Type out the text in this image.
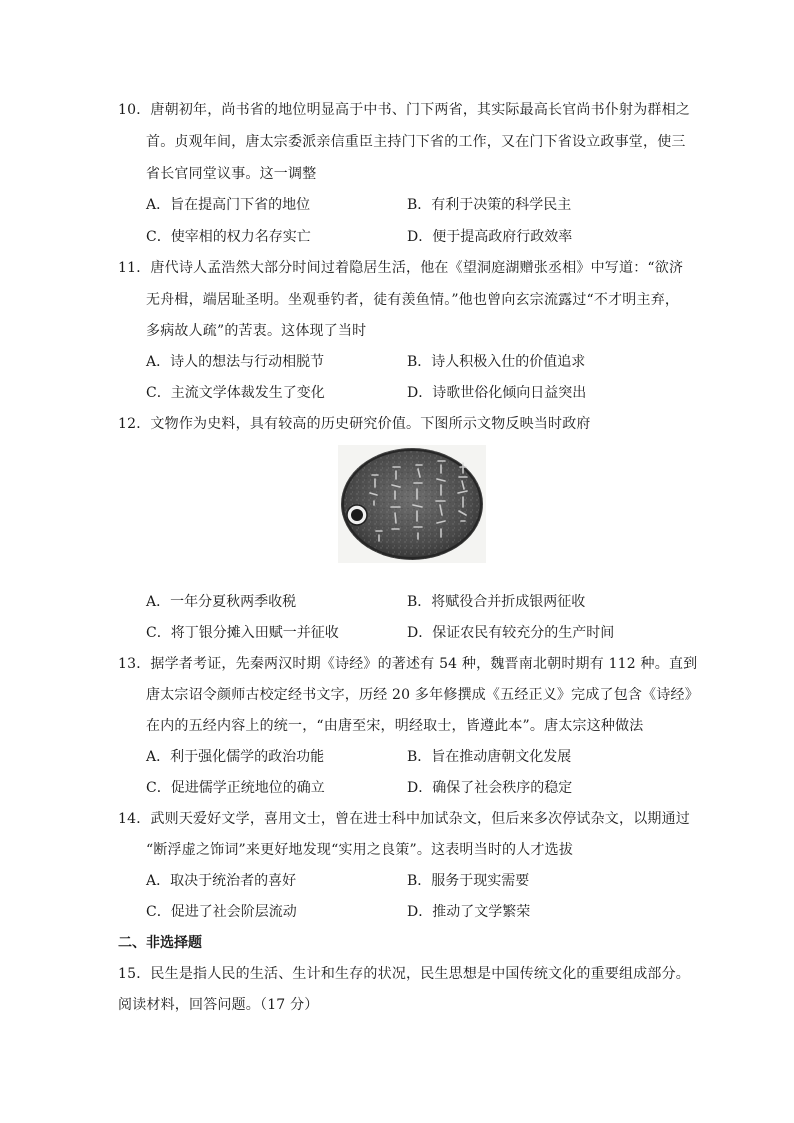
10．唐朝初年，尚书省的地位明显高于中书、门下两省，其实际最高长官尚书仆射为群相之
首。贞观年间，唐太宗委派亲信重臣主持门下省的工作，又在门下省设立政事堂，使三
省长官同堂议事。这一调整
A．旨在提高门下省的地位	B．有利于决策的科学民主
C．使宰相的权力名存实亡	D．便于提高政府行政效率
11．唐代诗人孟浩然大部分时间过着隐居生活，他在《望洞庭湖赠张丞相》中写道：“欲济
无舟楫，端居耻圣明。坐观垂钓者，徒有羡鱼情。”他也曾向玄宗流露过“不才明主弃，
多病故人疏”的苦衷。这体现了当时
A．诗人的想法与行动相脱节	B．诗人积极入仕的价值追求
C．主流文学体裁发生了变化	D．诗歌世俗化倾向日益突出
12．文物作为史料，具有较高的历史研究价值。下图所示文物反映当时政府
A．一年分夏秋两季收税	B．将赋役合并折成银两征收
C．将丁银分摊入田赋一并征收	D．保证农民有较充分的生产时间
13．据学者考证，先秦两汉时期《诗经》的著述有 54 种，魏晋南北朝时期有 112 种。直到
唐太宗诏令颜师古校定经书文字，历经 20 多年修撰成《五经正义》完成了包含《诗经》
在内的五经内容上的统一，“由唐至宋，明经取士，皆遵此本”。唐太宗这种做法
A．利于强化儒学的政治功能	B．旨在推动唐朝文化发展
C．促进儒学正统地位的确立	D．确保了社会秩序的稳定
14．武则天爱好文学，喜用文士，曾在进士科中加试杂文，但后来多次停试杂文，以期通过
“断浮虚之饰词”来更好地发现“实用之良策”。这表明当时的人才选拔
A．取决于统治者的喜好	B．服务于现实需要
C．促进了社会阶层流动	D．推动了文学繁荣
二、非选择题
15．民生是指人民的生活、生计和生存的状况，民生思想是中国传统文化的重要组成部分。
阅读材料，回答问题。（17 分）
